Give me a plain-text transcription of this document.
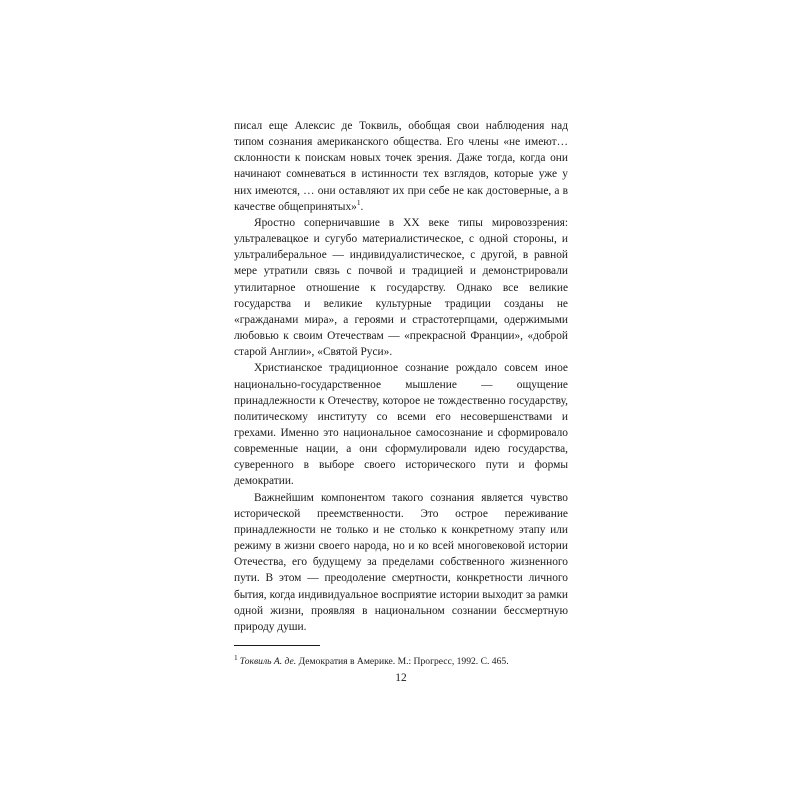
писал еще Алексис де Токвиль, обобщая свои наблюдения над типом сознания американского общества. Его члены «не имеют… склонности к поискам новых точек зрения. Даже тогда, когда они начинают сомневаться в истинности тех взглядов, которые уже у них имеются, … они оставляют их при себе не как достоверные, а в качестве общепринятых»$^1$.

Яростно соперничавшие в XX веке типы мировоззрения: ультралевацкое и сугубо материалистическое, с одной стороны, и ультралиберальное — индивидуалистическое, с другой, в равной мере утратили связь с почвой и традицией и демонстрировали утилитарное отношение к государству. Однако все великие государства и великие культурные традиции созданы не «гражданами мира», а героями и страстотерпцами, одержимыми любовью к своим Отечествам — «прекрасной Франции», «доброй старой Англии», «Святой Руси».

Христианское традиционное сознание рождало совсем иное национально-государственное мышление — ощущение принадлежности к Отечеству, которое не тождественно государству, политическому институту со всеми его несовершенствами и грехами. Именно это национальное самосознание и сформировало современные нации, а они сформулировали идею государства, суверенного в выборе своего исторического пути и формы демократии.

Важнейшим компонентом такого сознания является чувство исторической преемственности. Это острое переживание принадлежности не только и не столько к конкретному этапу или режиму в жизни своего народа, но и ко всей многовековой истории Отечества, его будущему за пределами собственного жизненного пути. В этом — преодоление смертности, конкретности личного бытия, когда индивидуальное восприятие истории выходит за рамки одной жизни, проявляя в национальном сознании бессмертную природу души.

$^1$ Токвиль А. де. Демократия в Америке. М.: Прогресс, 1992. С. 465.

12
